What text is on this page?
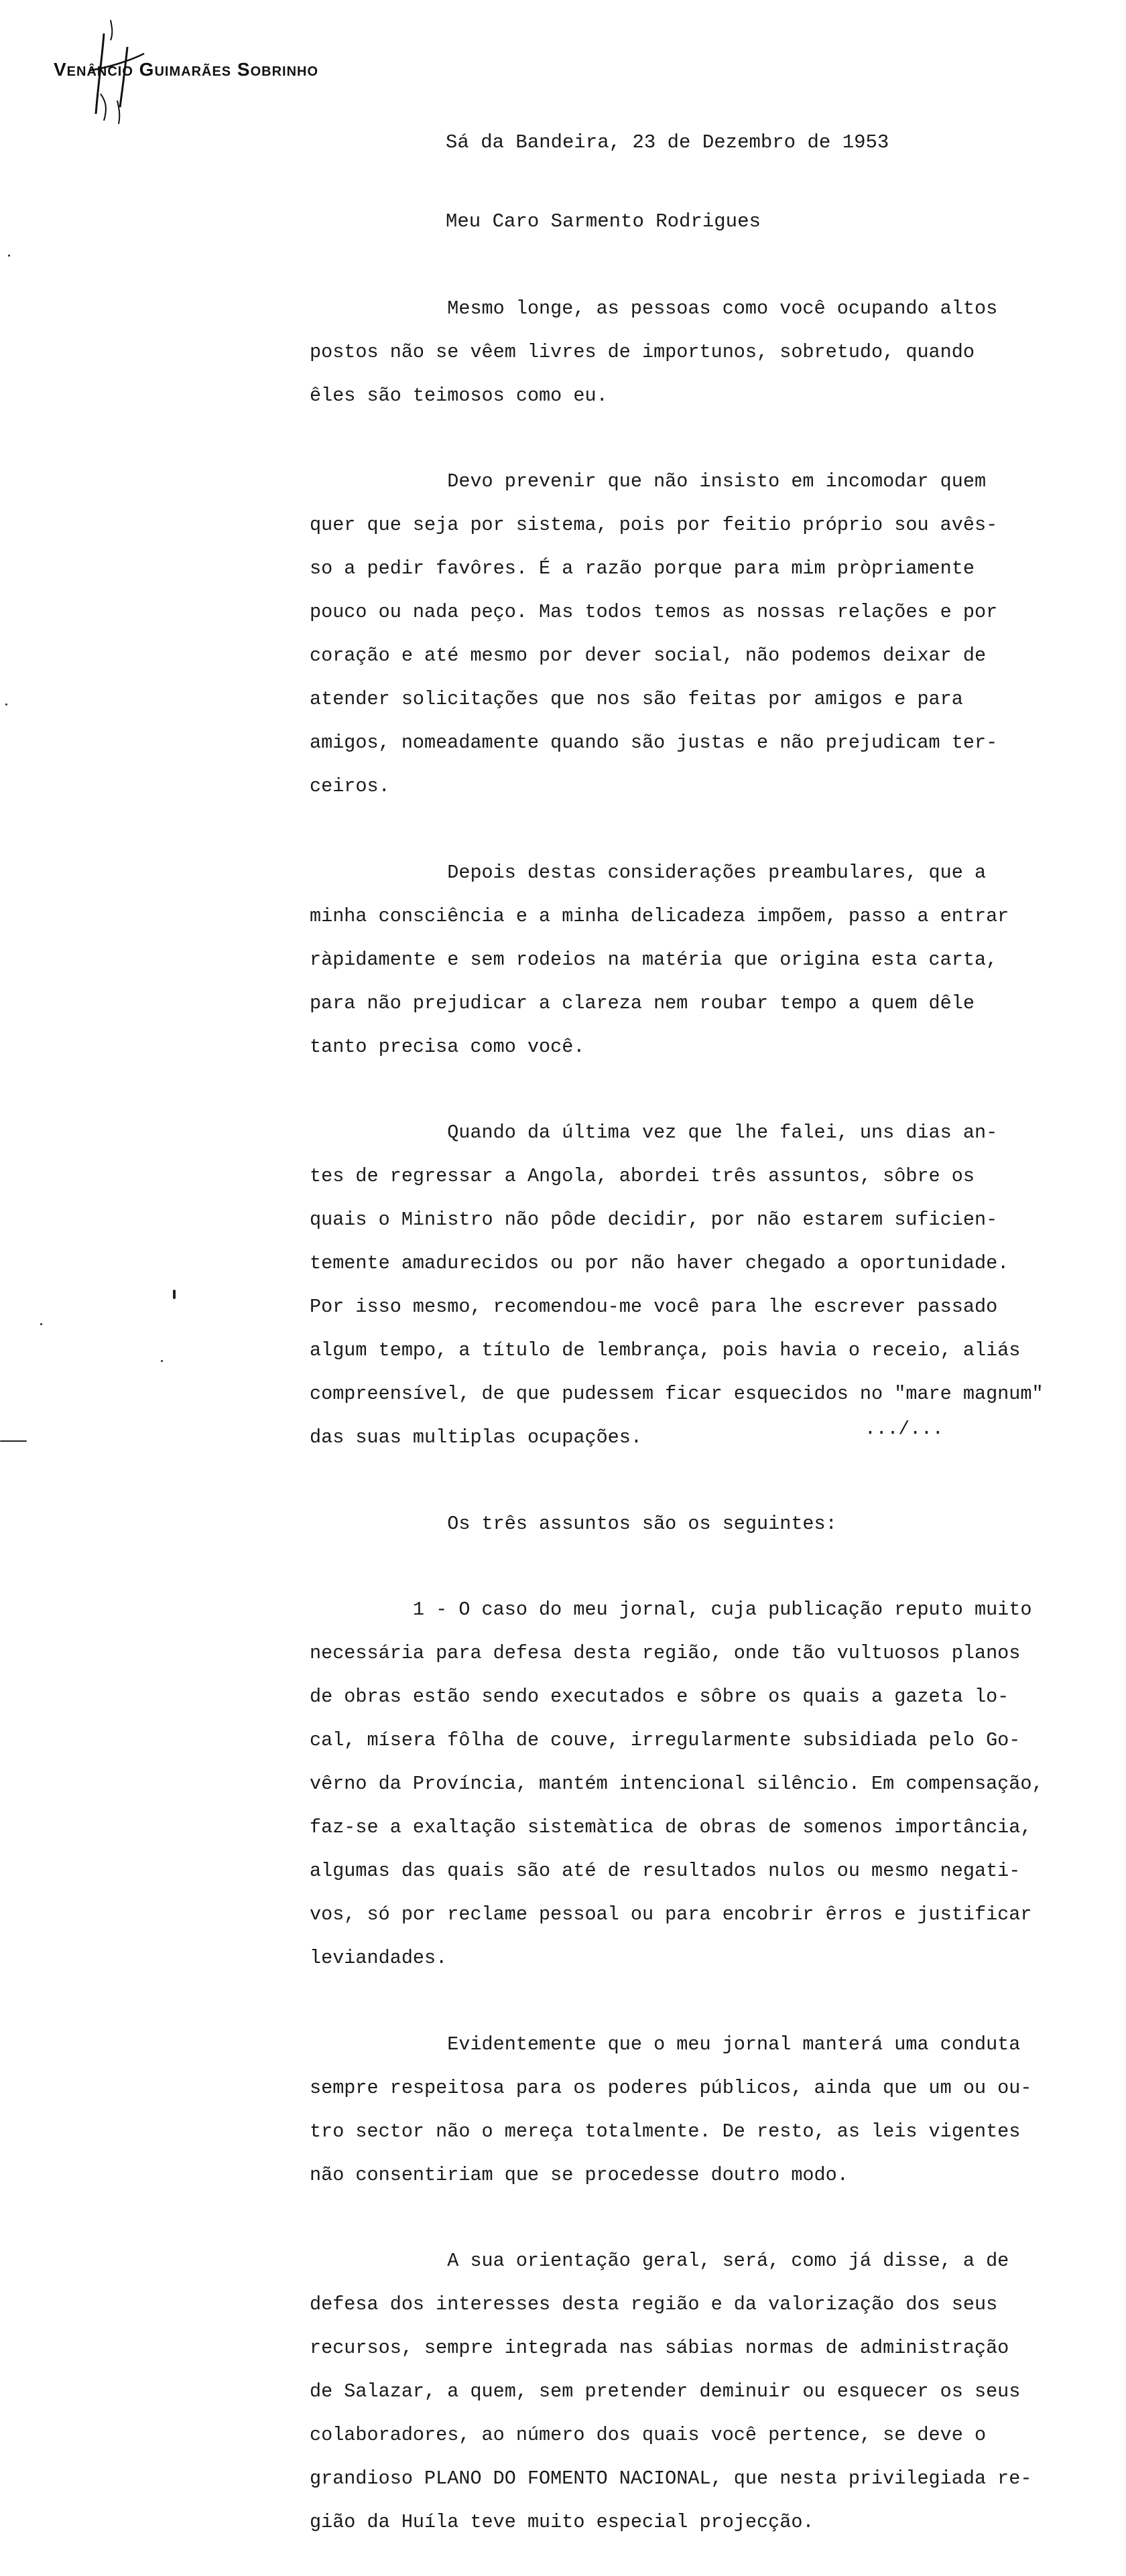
Venâncio Guimarães Sobrinho
Sá da Bandeira, 23 de Dezembro de 1953
Meu Caro Sarmento Rodrigues

Mesmo longe, as pessoas como você ocupando altos

postos não se vêem livres de importunos, sobretudo, quando

êles são teimosos como eu.

Devo prevenir que não insisto em incomodar quem

quer que seja por sistema, pois por feitio próprio sou avês-

so a pedir favôres. É a razão porque para mim pròpriamente

pouco ou nada peço. Mas todos temos as nossas relações e por

coração e até mesmo por dever social, não podemos deixar de

atender solicitações que nos são feitas por amigos e para

amigos, nomeadamente quando são justas e não prejudicam ter-

ceiros.

Depois destas considerações preambulares, que a

minha consciência e a minha delicadeza impõem, passo a entrar

ràpidamente e sem rodeios na matéria que origina esta carta,

para não prejudicar a clareza nem roubar tempo a quem dêle

tanto precisa como você.

Quando da última vez que lhe falei, uns dias an-

tes de regressar a Angola, abordei três assuntos, sôbre os

quais o Ministro não pôde decidir, por não estarem suficien-

temente amadurecidos ou por não haver chegado a oportunidade.

Por isso mesmo, recomendou-me você para lhe escrever passado

algum tempo, a título de lembrança, pois havia o receio, aliás

compreensível, de que pudessem ficar esquecidos no "mare magnum"

das suas multiplas ocupações.

Os três assuntos são os seguintes:

1 - O caso do meu jornal, cuja publicação reputo muito

necessária para defesa desta região, onde tão vultuosos planos

de obras estão sendo executados e sôbre os quais a gazeta lo-

cal, mísera fôlha de couve, irregularmente subsidiada pelo Go-

vêrno da Província, mantém intencional silêncio. Em compensação,

faz-se a exaltação sistemàtica de obras de somenos importância,

algumas das quais são até de resultados nulos ou mesmo negati-

vos, só por reclame pessoal ou para encobrir êrros e justificar

leviandades.

Evidentemente que o meu jornal manterá uma conduta

sempre respeitosa para os poderes públicos, ainda que um ou ou-

tro sector não o mereça totalmente. De resto, as leis vigentes

não consentiriam que se procedesse doutro modo.

A sua orientação geral, será, como já disse, a de

defesa dos interesses desta região e da valorização dos seus

recursos, sempre integrada nas sábias normas de administração

de Salazar, a quem, sem pretender deminuir ou esquecer os seus

colaboradores, ao número dos quais você pertence, se deve o

grandioso PLANO DO FOMENTO NACIONAL, que nesta privilegiada re-

gião da Huíla teve muito especial projecção.

.../...
